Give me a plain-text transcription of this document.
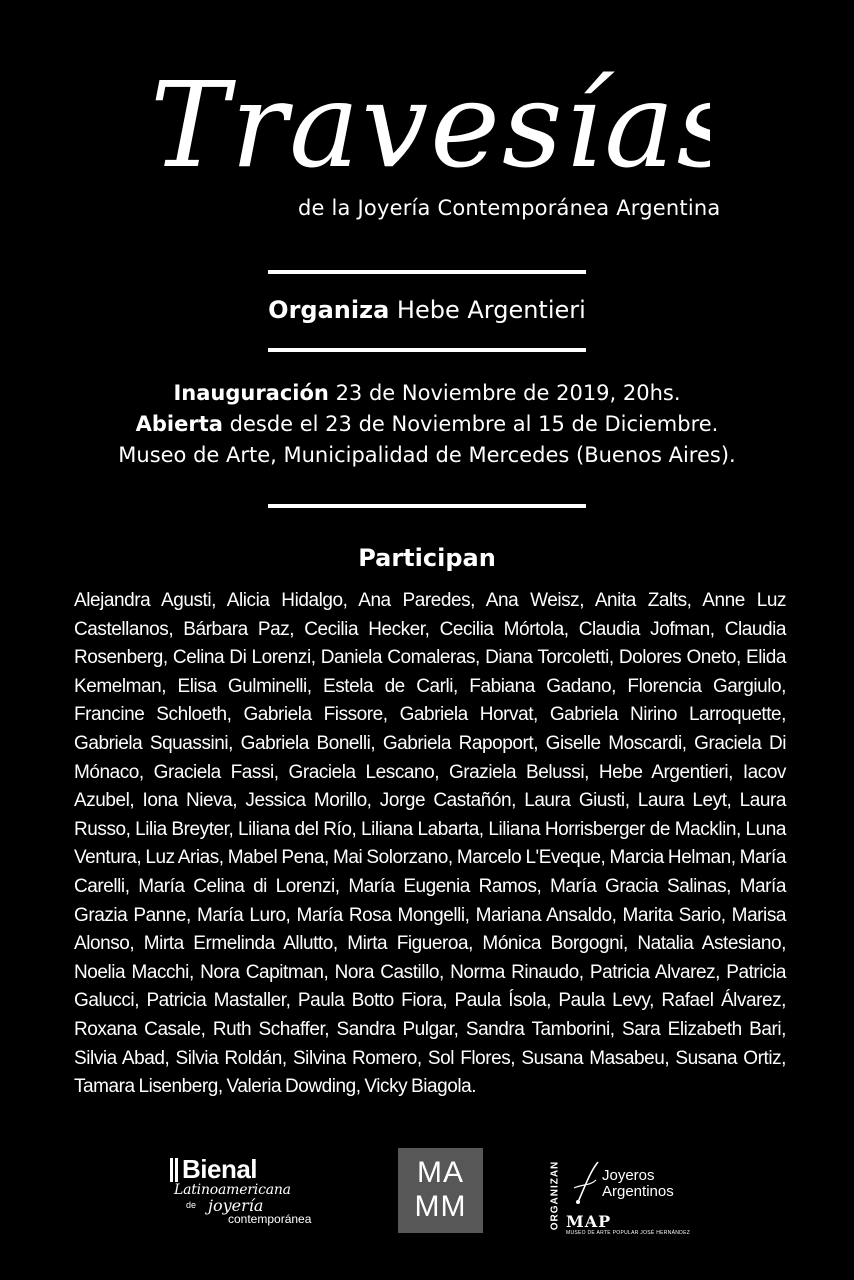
Travesías
de la Joyería Contemporánea Argentina
Organiza Hebe Argentieri
Inauguración 23 de Noviembre de 2019, 20hs.
Abierta desde el 23 de Noviembre al 15 de Diciembre.
Museo de Arte, Municipalidad de Mercedes (Buenos Aires).
Participan
Alejandra Agusti, Alicia Hidalgo, Ana Paredes, Ana Weisz, Anita Zalts, Anne Luz Castellanos, Bárbara Paz, Cecilia Hecker, Cecilia Mórtola, Claudia Jofman, Claudia Rosenberg, Celina Di Lorenzi, Daniela Comaleras, Diana Torcoletti, Dolores Oneto, Elida Kemelman, Elisa Gulminelli, Estela de Carli, Fabiana Gadano, Florencia Gargiulo, Francine Schloeth, Gabriela Fissore, Gabriela Horvat, Gabriela Nirino Larroquette, Gabriela Squassini, Gabriela Bonelli, Gabriela Rapoport, Giselle Moscardi, Graciela Di Mónaco, Graciela Fassi, Graciela Lescano, Graziela Belussi, Hebe Argentieri, Iacov Azubel, Iona Nieva, Jessica Morillo, Jorge Castañón, Laura Giusti, Laura Leyt, Laura Russo, Lilia Breyter, Liliana del Río, Liliana Labarta, Liliana Horrisberger de Macklin, Luna Ventura, Luz Arias, Mabel Pena, Mai Solorzano, Marcelo L'Eveque, Marcia Helman, María Carelli, María Celina di Lorenzi, María Eugenia Ramos, María Gracia Salinas, María Grazia Panne, María Luro, María Rosa Mongelli, Mariana Ansaldo, Marita Sario, Marisa Alonso, Mirta Ermelinda Allutto, Mirta Figueroa, Mónica Borgogni, Natalia Astesiano, Noelia Macchi, Nora Capitman, Nora Castillo, Norma Rinaudo, Patricia Alvarez, Patricia Galucci, Patricia Mastaller, Paula Botto Fiora, Paula Ísola, Paula Levy, Rafael Álvarez, Roxana Casale, Ruth Schaffer, Sandra Pulgar, Sandra Tamborini, Sara Elizabeth Bari, Silvia Abad, Silvia Roldán, Silvina Romero, Sol Flores, Susana Masabeu, Susana Ortiz, Tamara Lisenberg, Valeria Dowding, Vicky Biagola.
Bienal
Latinoamericana
de joyería
contemporánea
MA
MM	ORGANIZAN	Joyeros
Argentinos
MAP
MUSEO DE ARTE POPULAR JOSÉ HERNÁNDEZ
